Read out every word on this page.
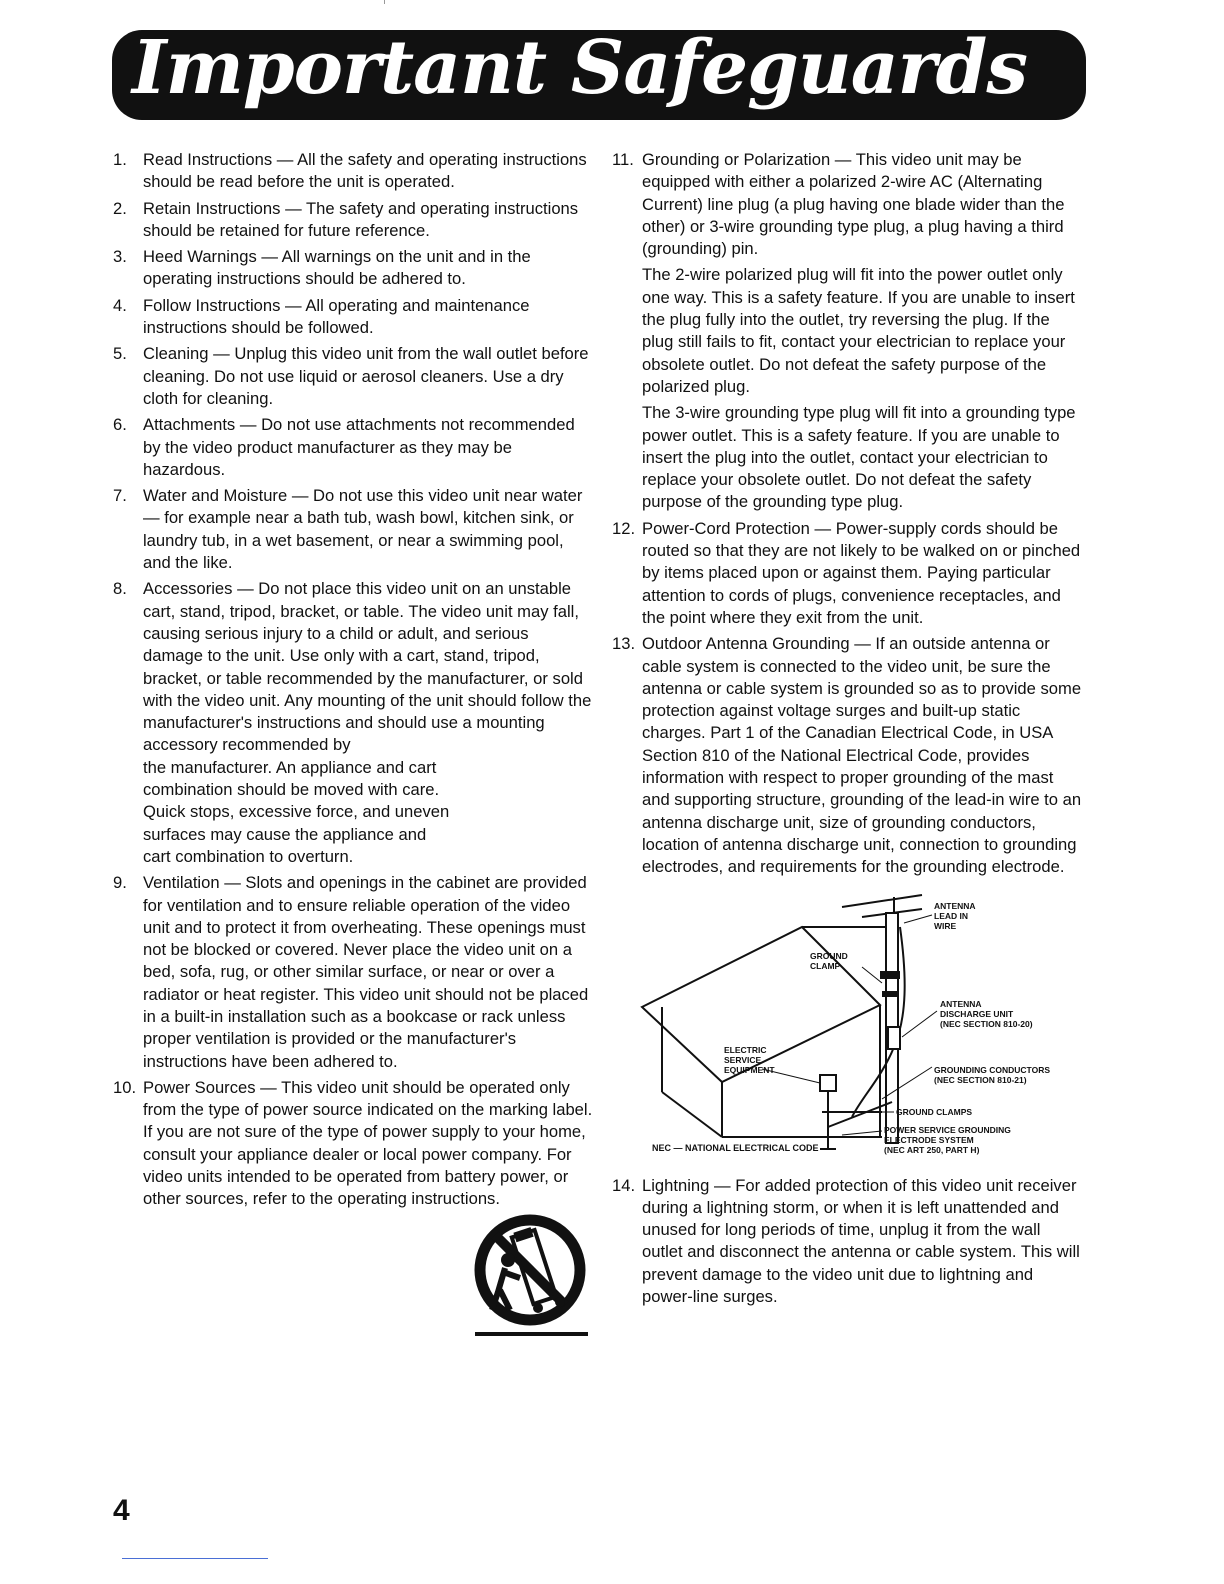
Important Safeguards
1. Read Instructions — All the safety and operating instructions should be read before the unit is operated.

2. Retain Instructions — The safety and operating instructions should be retained for future reference.

3. Heed Warnings — All warnings on the unit and in the operating instructions should be adhered to.

4. Follow Instructions — All operating and maintenance instructions should be followed.

5. Cleaning — Unplug this video unit from the wall outlet before cleaning. Do not use liquid or aerosol cleaners. Use a dry cloth for cleaning.

6. Attachments — Do not use attachments not recommended by the video product manufacturer as they may be hazardous.

7. Water and Moisture — Do not use this video unit near water — for example near a bath tub, wash bowl, kitchen sink, or laundry tub, in a wet basement, or near a swimming pool, and the like.

8. Accessories — Do not place this video unit on an unstable cart, stand, tripod, bracket, or table. The video unit may fall, causing serious injury to a child or adult, and serious damage to the unit. Use only with a cart, stand, tripod, bracket, or table recommended by the manufacturer, or sold with the video unit. Any mounting of the unit should follow the manufacturer's instructions and should use a mounting accessory recommended by

the manufacturer. An appliance and cart combination should be moved with care. Quick stops, excessive force, and uneven surfaces may cause the appliance and cart combination to overturn.

9. Ventilation — Slots and openings in the cabinet are provided for ventilation and to ensure reliable operation of the video unit and to protect it from overheating. These openings must not be blocked or covered. Never place the video unit on a bed, sofa, rug, or other similar surface, or near or over a radiator or heat register. This video unit should not be placed in a built-in installation such as a bookcase or rack unless proper ventilation is provided or the manufacturer's instructions have been adhered to.

10. Power Sources — This video unit should be operated only from the type of power source indicated on the marking label. If you are not sure of the type of power supply to your home, consult your appliance dealer or local power company. For video units intended to be operated from battery power, or other sources, refer to the operating instructions.

11. Grounding or Polarization — This video unit may be equipped with either a polarized 2-wire AC (Alternating Current) line plug (a plug having one blade wider than the other) or 3-wire grounding type plug, a plug having a third (grounding) pin.

The 2-wire polarized plug will fit into the power outlet only one way. This is a safety feature. If you are unable to insert the plug fully into the outlet, try reversing the plug. If the plug still fails to fit, contact your electrician to replace your obsolete outlet. Do not defeat the safety purpose of the polarized plug.

The 3-wire grounding type plug will fit into a grounding type power outlet. This is a safety feature. If you are unable to insert the plug into the outlet, contact your electrician to replace your obsolete outlet. Do not defeat the safety purpose of the grounding type plug.

12. Power-Cord Protection — Power-supply cords should be routed so that they are not likely to be walked on or pinched by items placed upon or against them. Paying particular attention to cords of plugs, convenience receptacles, and the point where they exit from the unit.

13. Outdoor Antenna Grounding — If an outside antenna or cable system is connected to the video unit, be sure the antenna or cable system is grounded so as to provide some protection against voltage surges and built-up static charges. Part 1 of the Canadian Electrical Code, in USA Section 810 of the National Electrical Code, provides information with respect to proper grounding of the mast and supporting structure, grounding of the lead-in wire to an antenna discharge unit, size of grounding conductors, location of antenna discharge unit, connection to grounding electrodes, and requirements for the grounding electrode.

ANTENNA
LEAD IN
WIRE
GROUND
CLAMP
ANTENNA
DISCHARGE UNIT
(NEC SECTION 810-20)
ELECTRIC
SERVICE
EQUIPMENT	GROUNDING CONDUCTORS
(NEC SECTION 810-21)
GROUND CLAMPS
POWER SERVICE GROUNDING
ELECTRODE SYSTEM
(NEC ART 250, PART H)
NEC — NATIONAL ELECTRICAL CODE
14. Lightning — For added protection of this video unit receiver during a lightning storm, or when it is left unattended and unused for long periods of time, unplug it from the wall outlet and disconnect the antenna or cable system. This will prevent damage to the video unit due to lightning and power-line surges.

4
